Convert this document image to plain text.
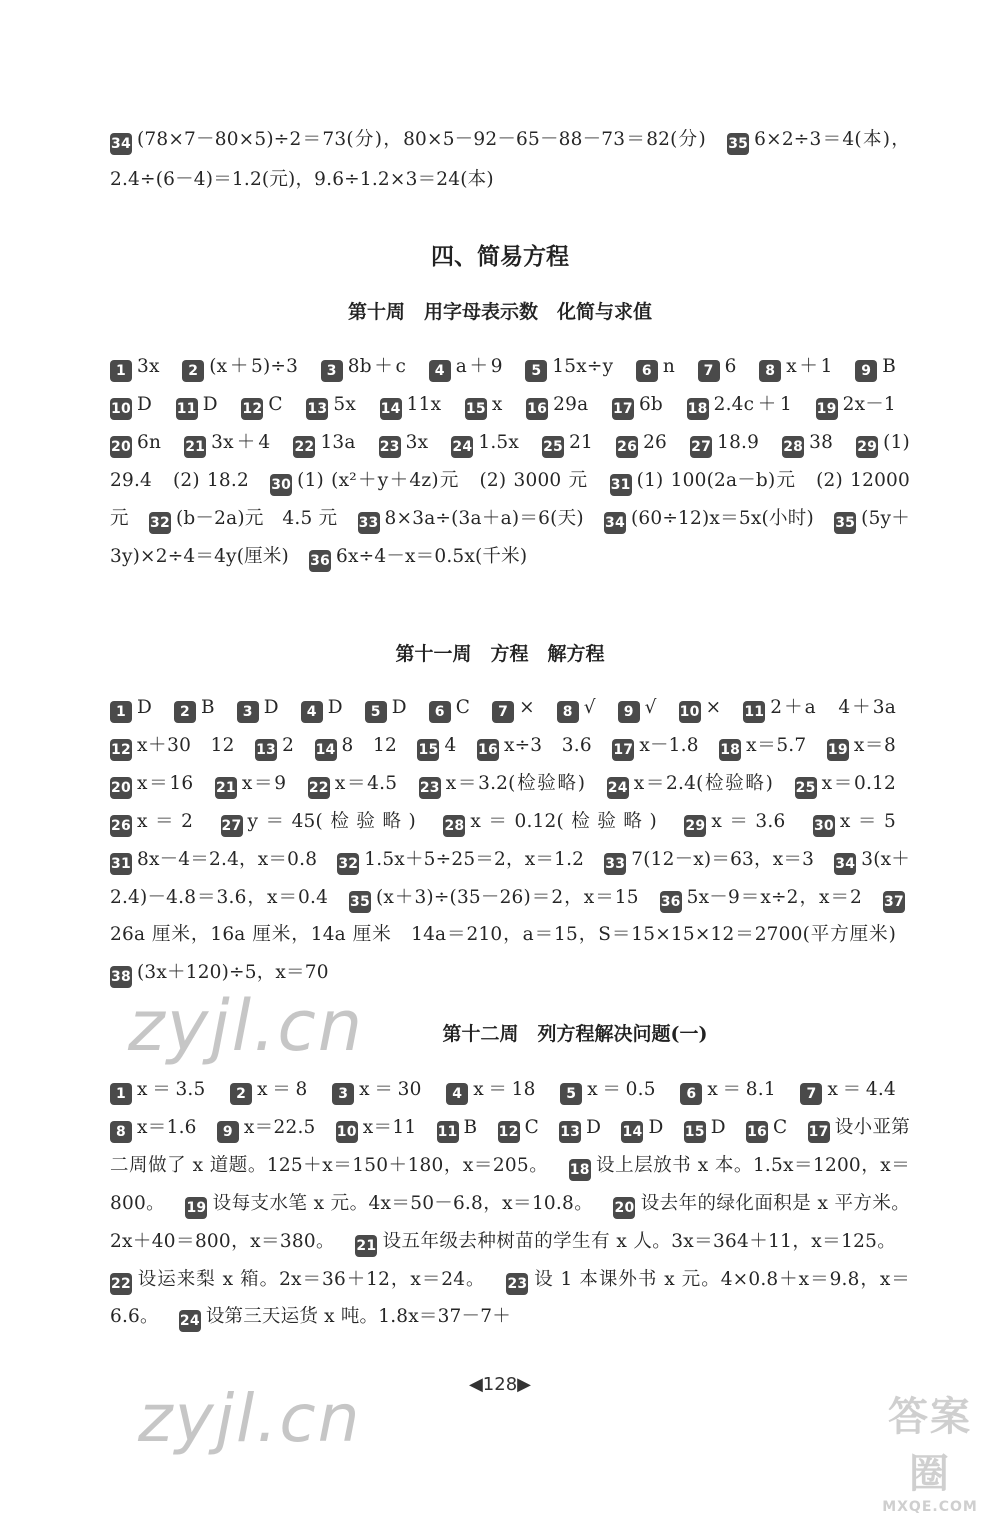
34 (78×7－80×5)÷2＝73(分)，80×5－92－65－88－73＝82(分) 35 6×2÷3＝4(本)，2.4÷(6－4)＝1.2(元)，9.6÷1.2×3＝24(本)
四、简易方程
第十周　用字母表示数　化简与求值
1 3x 2 (x＋5)÷3 3 8b＋c 4 a＋9 5 15x÷y 6 n 7 6 8 x＋1 9 B 10 D 11 D 12 C 13 5x 14 11x 15 x 16 29a 17 6b 18 2.4c＋1 19 2x－1 20 6n 21 3x＋4 22 13a 23 3x 24 1.5x 25 21 26 26 27 18.9 28 38 29 (1) 29.4　(2) 18.2 30 (1) (x²＋y＋4z)元　(2) 3000 元 31 (1) 100(2a－b)元　(2) 12000 元 32 (b－2a)元　4.5 元 33 8×3a÷(3a＋a)＝6(天) 34 (60÷12)x＝5x(小时) 35 (5y＋3y)×2÷4＝4y(厘米) 36 6x÷4－x＝0.5x(千米)
第十一周　方程　解方程
1 D 2 B 3 D 4 D 5 D 6 C 7 × 8 √ 9 √ 10 × 11 2＋a　4＋3a 12 x＋30　12 13 2 14 8　12 15 4 16 x÷3　3.6 17 x－1.8 18 x＝5.7 19 x＝8 20 x＝16 21 x＝9 22 x＝4.5 23 x＝3.2(检验略) 24 x＝2.4(检验略) 25 x＝0.12 26 x＝2 27 y＝45(检验略) 28 x＝0.12(检验略) 29 x＝3.6 30 x＝5 31 8x－4＝2.4，x＝0.8 32 1.5x＋5÷25＝2，x＝1.2 33 7(12－x)＝63，x＝3 34 3(x＋2.4)－4.8＝3.6，x＝0.4 35 (x＋3)÷(35－26)＝2，x＝15 36 5x－9＝x÷2，x＝2 3726a 厘米，16a 厘米，14a 厘米　14a＝210，a＝15，S＝15×15×12＝2700(平方厘米) 38 (3x＋120)÷5，x＝70
第十二周　列方程解决问题(一)
1 x＝3.5 2 x＝8 3 x＝30 4 x＝18 5 x＝0.5 6 x＝8.1 7 x＝4.4 8 x＝1.6 9 x＝22.5 10 x＝11 11 B 12 C 13 D 14 D 15 D 16 C 17 设小亚第二周做了 x 道题。125＋x＝150＋180，x＝205。 18 设上层放书 x 本。1.5x＝1200，x＝800。 19 设每支水笔 x 元。4x＝50－6.8，x＝10.8。 20 设去年的绿化面积是 x 平方米。2x＋40＝800，x＝380。 21 设五年级去种树苗的学生有 x 人。3x＝364＋11，x＝125。 22 设运来梨 x 箱。2x＝36＋12，x＝24。 23 设 1 本课外书 x 元。4×0.8＋x＝9.8，x＝6.6。 24 设第三天运货 x 吨。1.8x＝37－7＋
◀128▶
zyjl.cn
zyjl.cn	答案圈
MXQE.COM
